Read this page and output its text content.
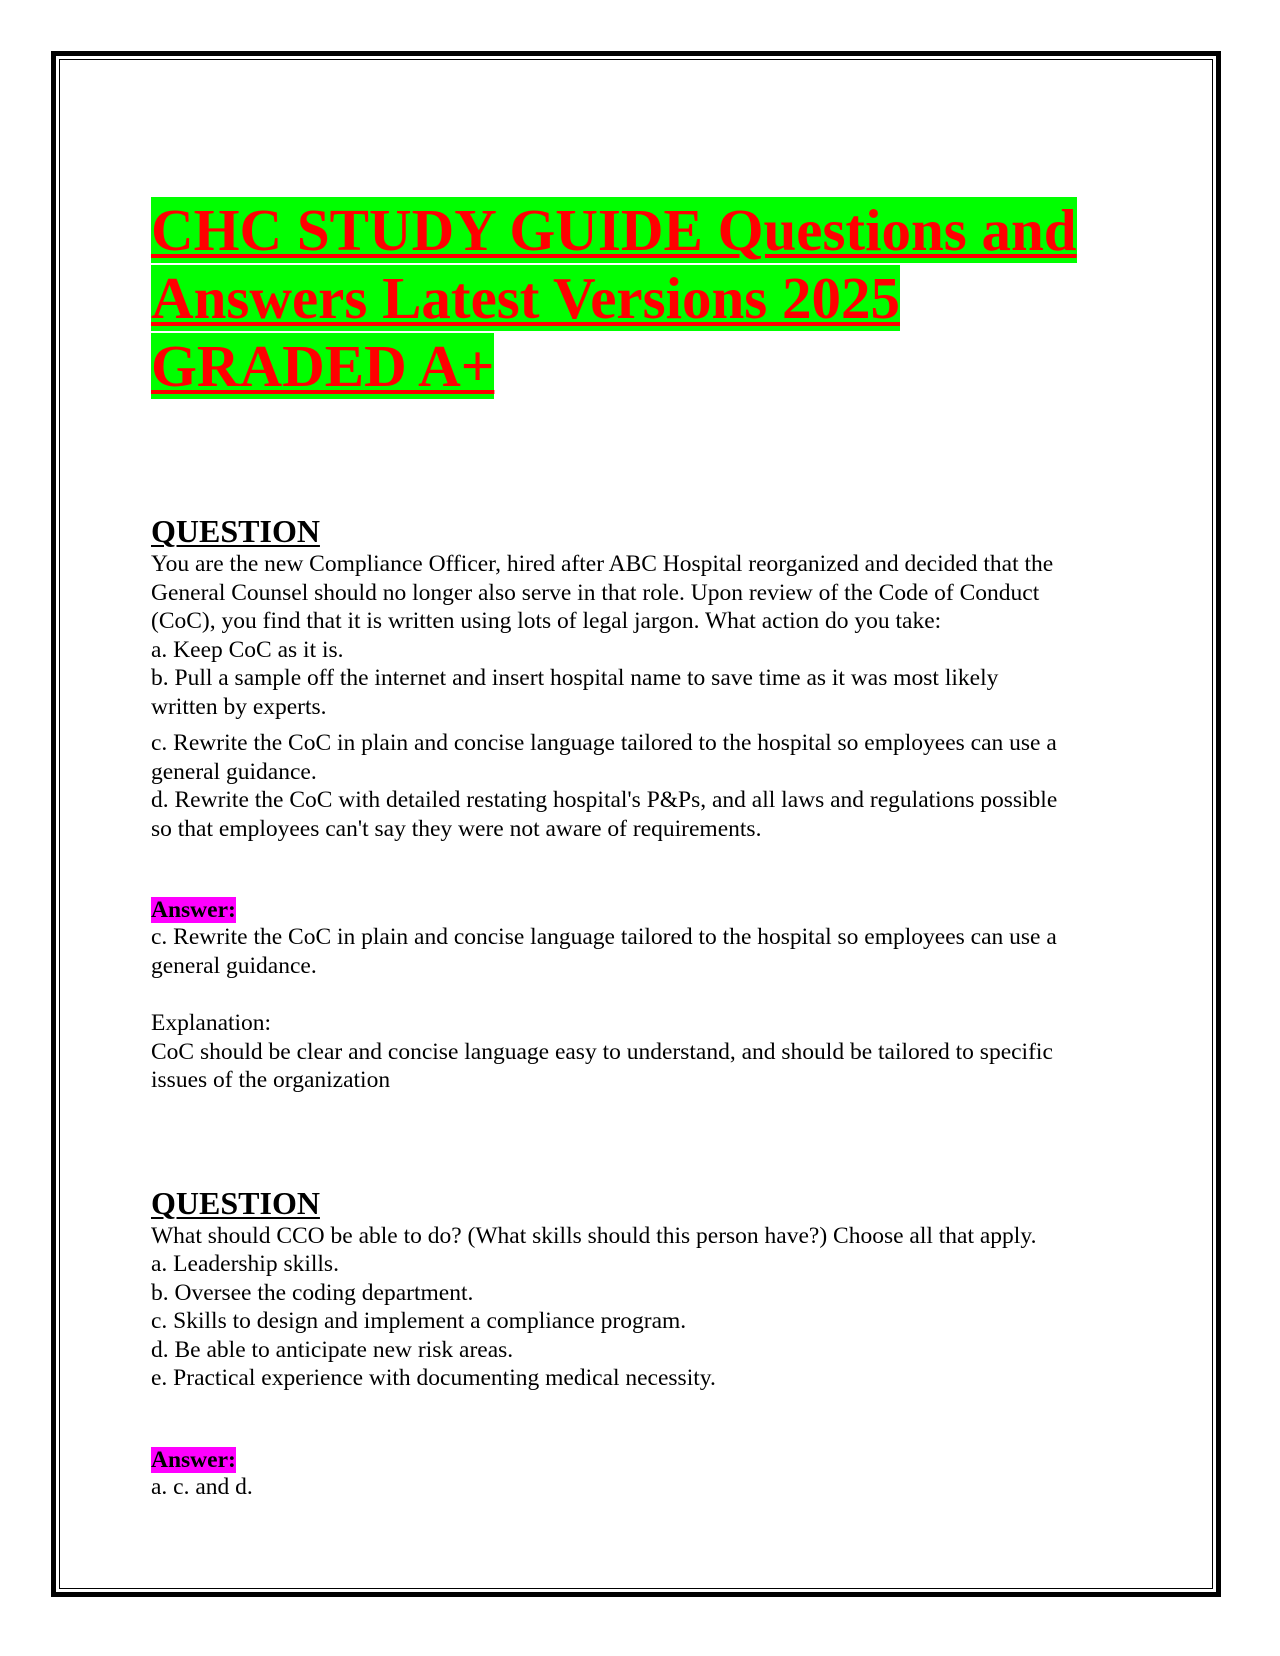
CHC STUDY GUIDE Questions and
Answers Latest Versions 2025
GRADED A+

QUESTION

You are the new Compliance Officer, hired after ABC Hospital reorganized and decided that the

General Counsel should no longer also serve in that role. Upon review of the Code of Conduct

(CoC), you find that it is written using lots of legal jargon. What action do you take:

a. Keep CoC as it is.

b. Pull a sample off the internet and insert hospital name to save time as it was most likely

written by experts.

c. Rewrite the CoC in plain and concise language tailored to the hospital so employees can use a

general guidance.

d. Rewrite the CoC with detailed restating hospital's P&Ps, and all laws and regulations possible

so that employees can't say they were not aware of requirements.

Answer:

c. Rewrite the CoC in plain and concise language tailored to the hospital so employees can use a

general guidance.

Explanation:

CoC should be clear and concise language easy to understand, and should be tailored to specific

issues of the organization

QUESTION

What should CCO be able to do? (What skills should this person have?) Choose all that apply.

a. Leadership skills.

b. Oversee the coding department.

c. Skills to design and implement a compliance program.

d. Be able to anticipate new risk areas.

e. Practical experience with documenting medical necessity.

Answer:

a. c. and d.
